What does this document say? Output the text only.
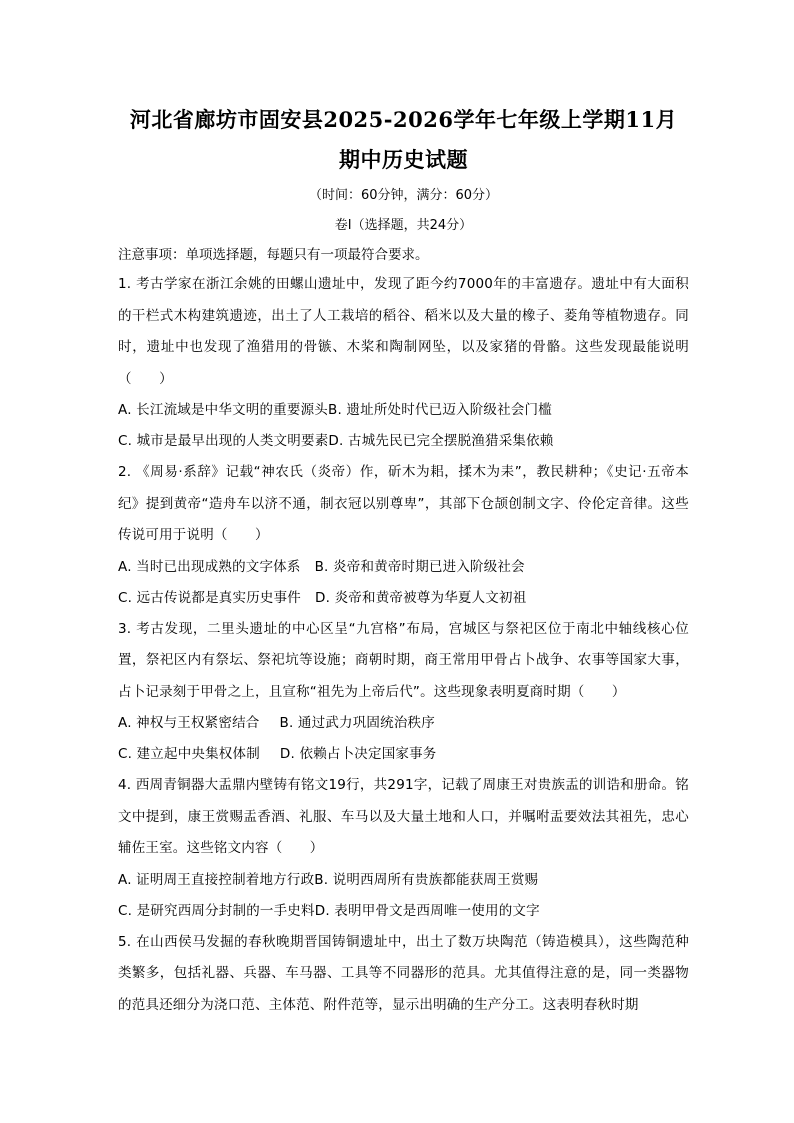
河北省廊坊市固安县2025-2026学年七年级上学期11月
期中历史试题
（时间：60分钟，满分：60分）
卷Ⅰ（选择题，共24分）
注意事项：单项选择题，每题只有一项最符合要求。

1. 考古学家在浙江余姚的田螺山遗址中，发现了距今约7000年的丰富遗存。遗址中有大面积的干栏式木构建筑遗迹，出土了人工栽培的稻谷、稻米以及大量的橡子、菱角等植物遗存。同时，遗址中也发现了渔猎用的骨镞、木桨和陶制网坠，以及家猪的骨骼。这些发现最能说明（　　）

A. 长江流域是中华文明的重要源头B. 遗址所处时代已迈入阶级社会门槛
C. 城市是最早出现的人类文明要素D. 古城先民已完全摆脱渔猎采集依赖

2. 《周易·系辞》记载“神农氏（炎帝）作，斫木为耜，揉木为耒”，教民耕种；《史记·五帝本纪》提到黄帝“造舟车以济不通，制衣冠以别尊卑”，其部下仓颉创制文字、伶伦定音律。这些传说可用于说明（　　）

A. 当时已出现成熟的文字体系 B. 炎帝和黄帝时期已进入阶级社会
C. 远古传说都是真实历史事件 D. 炎帝和黄帝被尊为华夏人文初祖

3. 考古发现，二里头遗址的中心区呈“九宫格”布局，宫城区与祭祀区位于南北中轴线核心位置，祭祀区内有祭坛、祭祀坑等设施；商朝时期，商王常用甲骨占卜战争、农事等国家大事，占卜记录刻于甲骨之上，且宣称“祖先为上帝后代”。这些现象表明夏商时期（　　）

A. 神权与王权紧密结合 B. 通过武力巩固统治秩序
C. 建立起中央集权体制 D. 依赖占卜决定国家事务

4. 西周青铜器大盂鼎内壁铸有铭文19行，共291字，记载了周康王对贵族盂的训诰和册命。铭文中提到，康王赏赐盂香酒、礼服、车马以及大量土地和人口，并嘱咐盂要效法其祖先，忠心辅佐王室。这些铭文内容（　　）

A. 证明周王直接控制着地方行政B. 说明西周所有贵族都能获周王赏赐
C. 是研究西周分封制的一手史料D. 表明甲骨文是西周唯一使用的文字

5. 在山西侯马发掘的春秋晚期晋国铸铜遗址中，出土了数万块陶范（铸造模具），这些陶范种类繁多，包括礼器、兵器、车马器、工具等不同器形的范具。尤其值得注意的是，同一类器物的范具还细分为浇口范、主体范、附件范等，显示出明确的生产分工。这表明春秋时期
